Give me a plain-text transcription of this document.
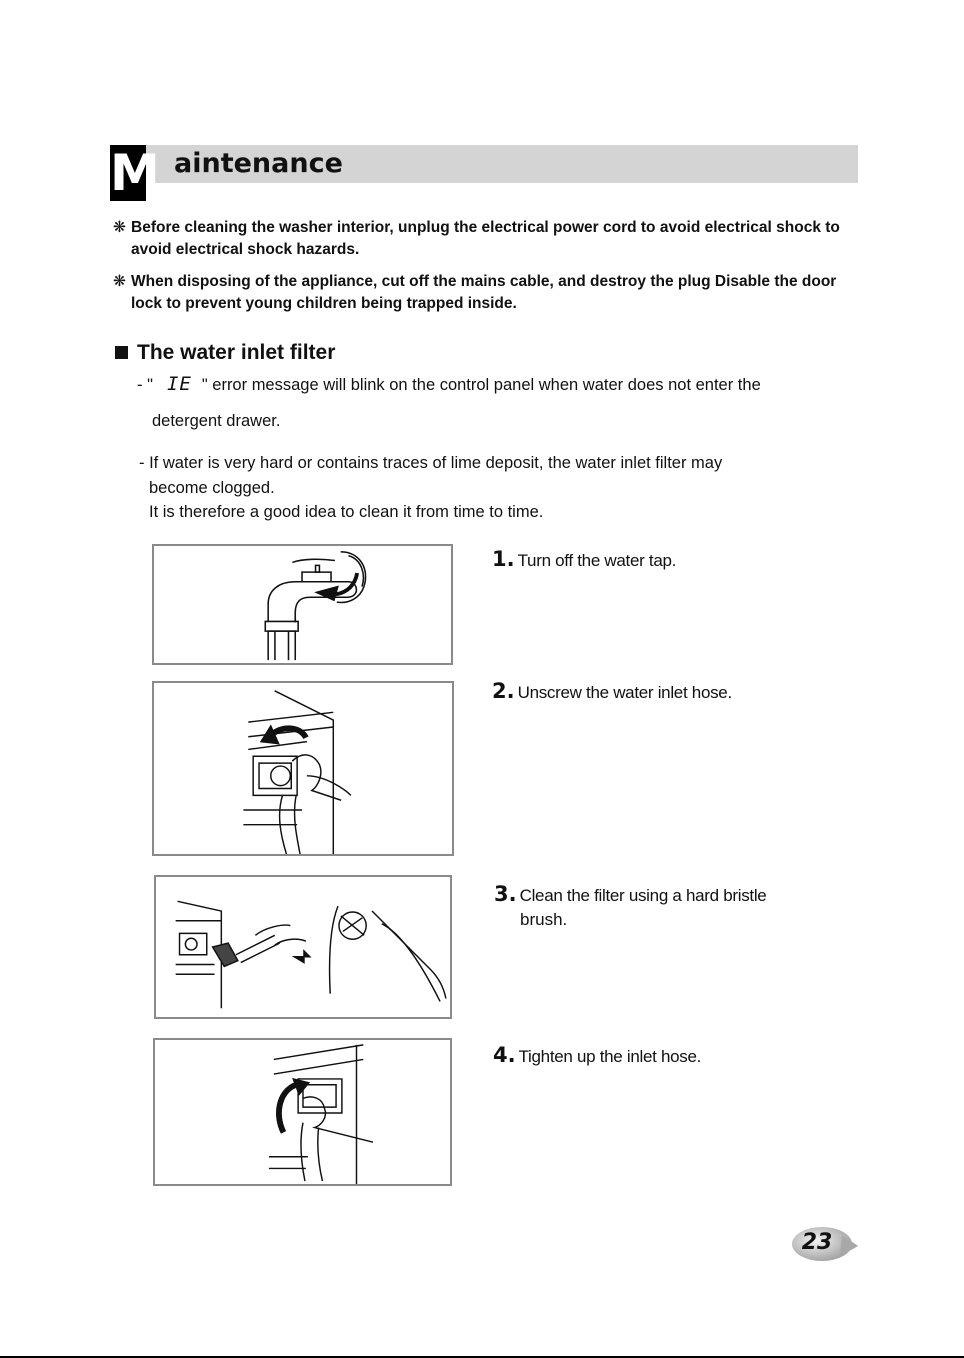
M aintenance
❋ Before cleaning the washer interior, unplug the electrical power cord to avoid electrical shock to avoid electrical shock hazards.
❋ When disposing of the appliance, cut off the mains cable, and destroy the plug Disable the door lock to prevent young children being trapped inside.
The water inlet filter
- " IE " error message will blink on the control panel when water does not enter the
detergent drawer.
- If water is very hard or contains traces of lime deposit, the water inlet filter may
become clogged.
It is therefore a good idea to clean it from time to time.
1. Turn off the water tap.
2. Unscrew the water inlet hose.
3. Clean the filter using a hard bristle
brush.
4. Tighten up the inlet hose.
23
